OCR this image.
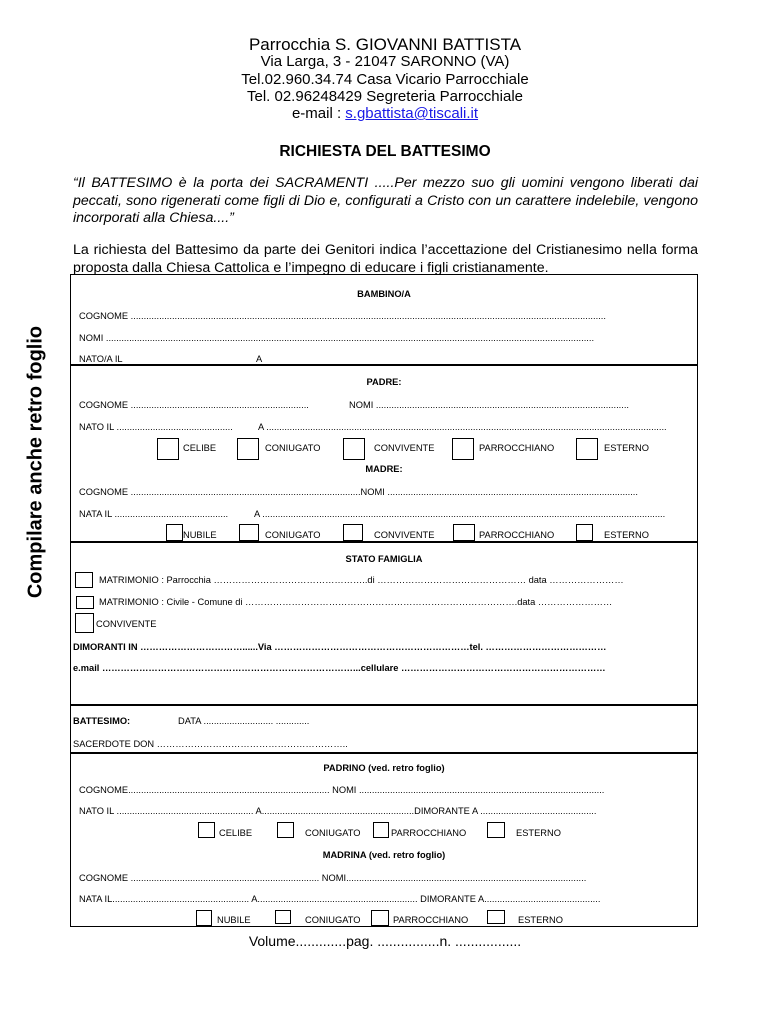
Parrocchia S. GIOVANNI BATTISTA
Via Larga, 3 - 21047 SARONNO (VA)
Tel.02.960.34.74 Casa Vicario Parrocchiale
Tel. 02.96248429 Segreteria Parrocchiale
e-mail : s.gbattista@tiscali.it
RICHIESTA DEL BATTESIMO
“Il BATTESIMO è la porta dei SACRAMENTI .....Per mezzo suo gli uomini vengono liberati dai peccati, sono rigenerati come figli di Dio e, configurati a Cristo con un carattere indelebile, vengono incorporati alla Chiesa....”
La richiesta del Battesimo da parte dei Genitori indica l’accettazione del Cristianesimo nella forma proposta dalla Chiesa Cattolica e l’impegno di educare i figli cristianamente.
Compilare anche retro foglio
BAMBINO/A
COGNOME ........................................................................................................................................................................................
NOMI .............................................................................................................................................................................................
NATO/A IL	A
PADRE:
COGNOME .....................................................................	NOMI ..................................................................................................
NATO IL .............................................	A ...........................................................................................................................................................
CELIBE	CONIUGATO	CONVIVENTE	PARROCCHIANO	ESTERNO
MADRE:
COGNOME .........................................................................................NOMI .................................................................................................
NATA IL ............................................	A ............................................................................................................................................................
NUBILE	CONIUGATO	CONVIVENTE	PARROCCHIANO	ESTERNO
STATO FAMIGLIA
MATRIMONIO : Parrocchia …………………………………………..di ………………………………………… data ……………………
MATRIMONIO : Civile - Comune di …………………………………………………………………………….data ……………………
CONVIVENTE
DIMORANTI IN ……………………………......Via ………………………………………………………tel. …………………………………
e.mail ………………………………………………………………………...cellulare …………………………………………………………
BATTESIMO:	DATA ........................... .............
SACERDOTE DON ……………………………………………………..
PADRINO (ved. retro foglio)
COGNOME.............................................................................. NOMI ...............................................................................................
NATO IL ..................................................... A...........................................................DIMORANTE A .............................................
CELIBE	CONIUGATO	PARROCCHIANO	ESTERNO
MADRINA (ved. retro foglio)
COGNOME ......................................................................... NOMI.............................................................................................
NATA IL..................................................... A.............................................................. DIMORANTE A.............................................
NUBILE	CONIUGATO	PARROCCHIANO	ESTERNO
Volume.............pag. ................n. .................
